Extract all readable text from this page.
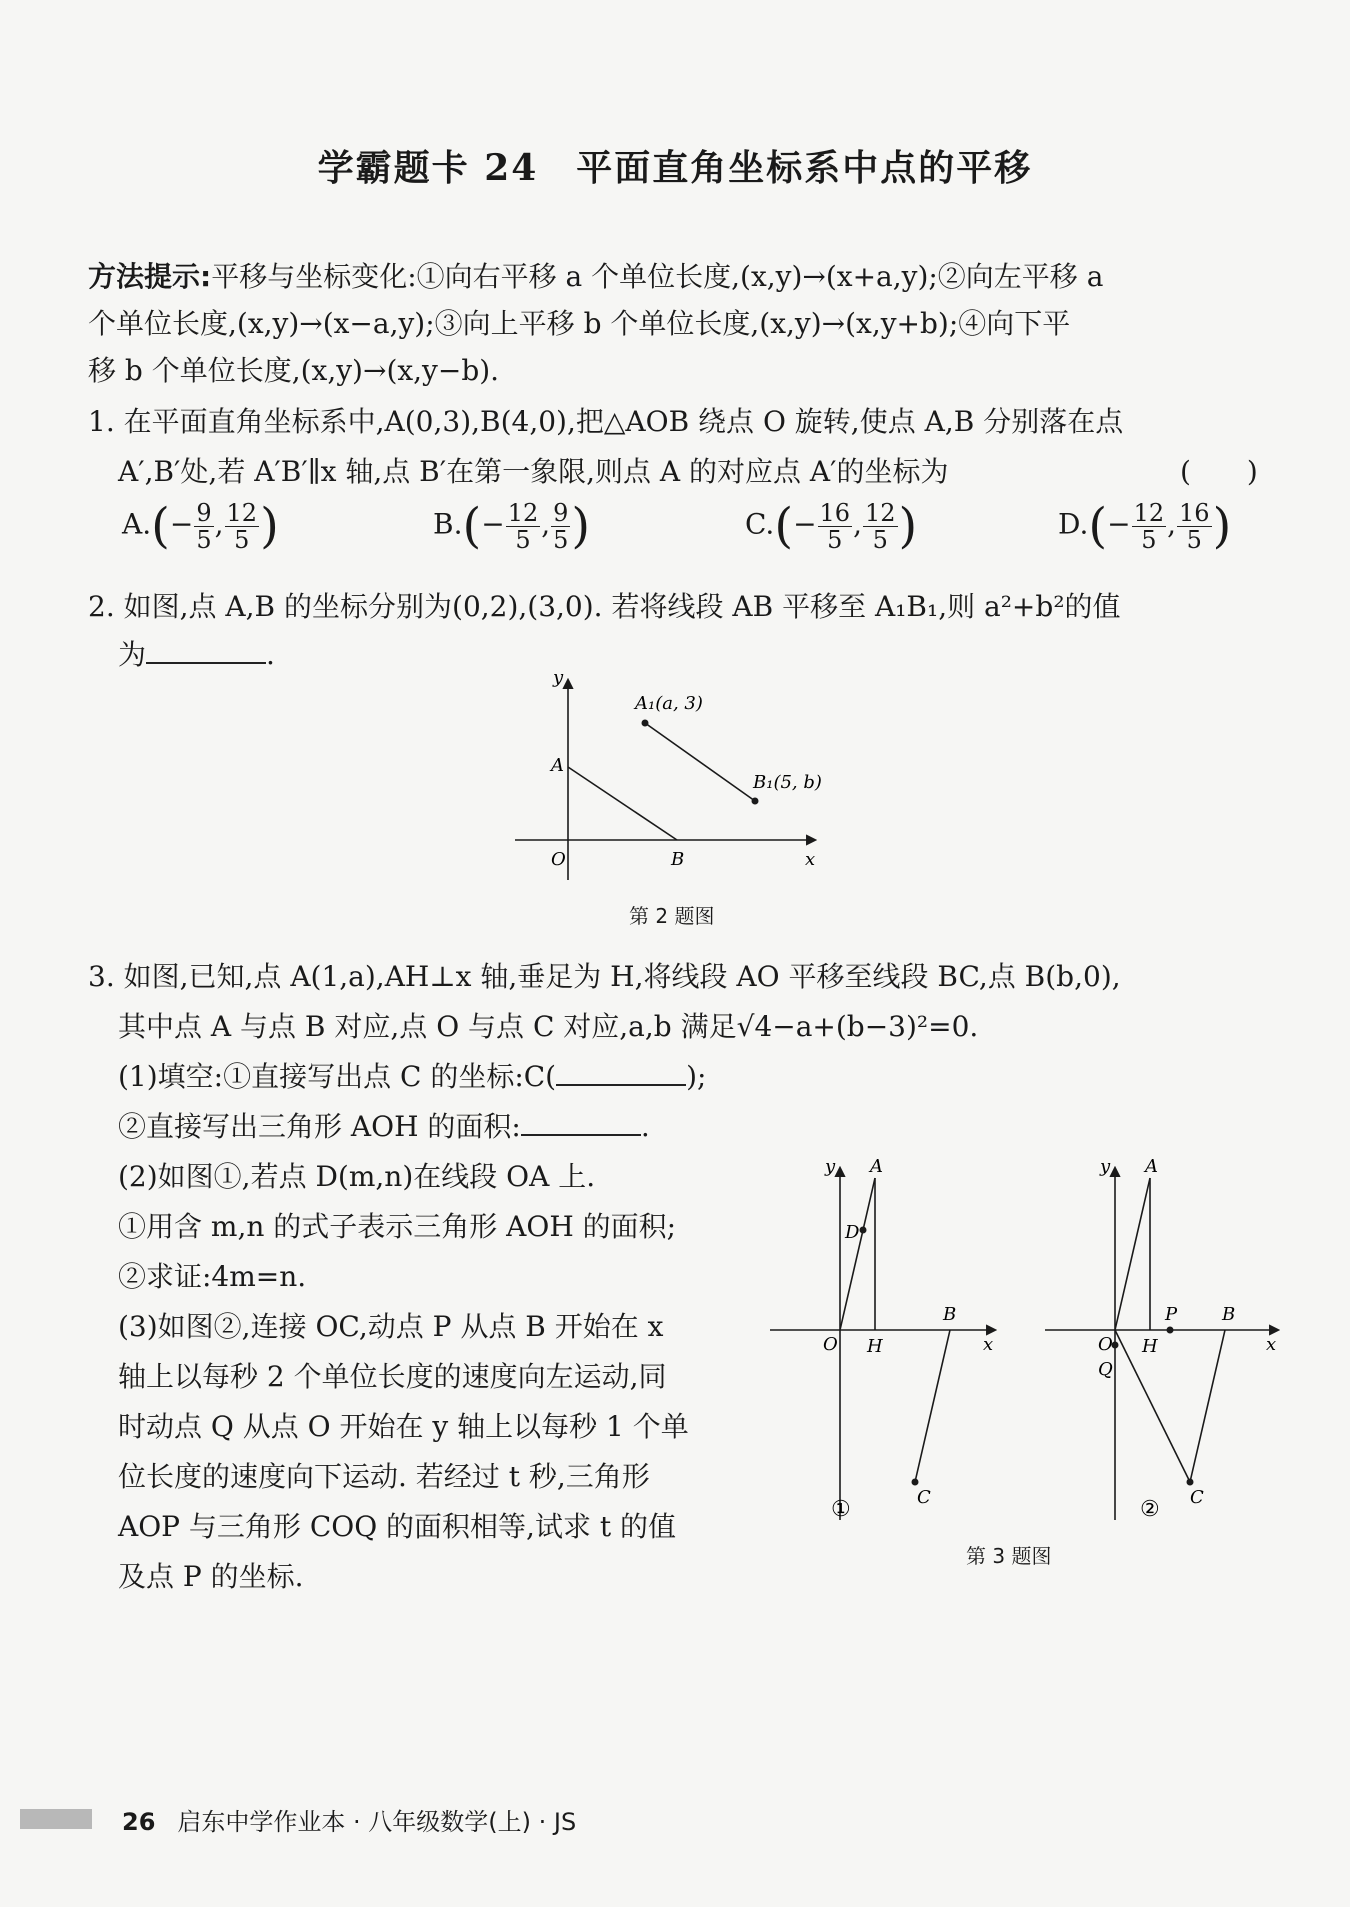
学霸题卡 24　平面直角坐标系中点的平移
方法提示:平移与坐标变化:①向右平移 a 个单位长度,(x,y)→(x+a,y);②向左平移 a
个单位长度,(x,y)→(x−a,y);③向上平移 b 个单位长度,(x,y)→(x,y+b);④向下平
移 b 个单位长度,(x,y)→(x,y−b).
1. 在平面直角坐标系中,A(0,3),B(4,0),把△AOB 绕点 O 旋转,使点 A,B 分别落在点
A′,B′处,若 A′B′∥x 轴,点 B′在第一象限,则点 A 的对应点 A′的坐标为	(　　)
$A.(- \frac{9}{5}$ , $\frac{12}{5}$ )	$B.(- \frac{12}{5}$ , $\frac{9}{5}$ )	$C.(- \frac{16}{5}$ , $\frac{12}{5}$ )	$D.(- \frac{12}{5}$ , $\frac{16}{5}$ )
2. 如图,点 A,B 的坐标分别为(0,2),(3,0). 若将线段 AB 平移至 A₁B₁,则 a²+b²的值
为	.
y
x
O
A
B
A₁(a, 3)
B₁(5, b)
第 2 题图
3. 如图,已知,点 A(1,a),AH⊥x 轴,垂足为 H,将线段 AO 平移至线段 BC,点 B(b,0),
其中点 A 与点 B 对应,点 O 与点 C 对应,a,b 满足√4−a+(b−3)²=0.
(1)填空:①直接写出点 C 的坐标:C(	);
②直接写出三角形 AOH 的面积:	.
(2)如图①,若点 D(m,n)在线段 OA 上.
①用含 m,n 的式子表示三角形 AOH 的面积;
②求证:4m=n.
(3)如图②,连接 OC,动点 P 从点 B 开始在 x
轴上以每秒 2 个单位长度的速度向左运动,同
时动点 Q 从点 O 开始在 y 轴上以每秒 1 个单
位长度的速度向下运动. 若经过 t 秒,三角形
AOP 与三角形 COQ 的面积相等,试求 t 的值
及点 P 的坐标.
y A
D
O H
B
x
C
①
y A
O H
P B
Q
x
C
②
第 3 题图
26 启东中学作业本 · 八年级数学(上) · JS
